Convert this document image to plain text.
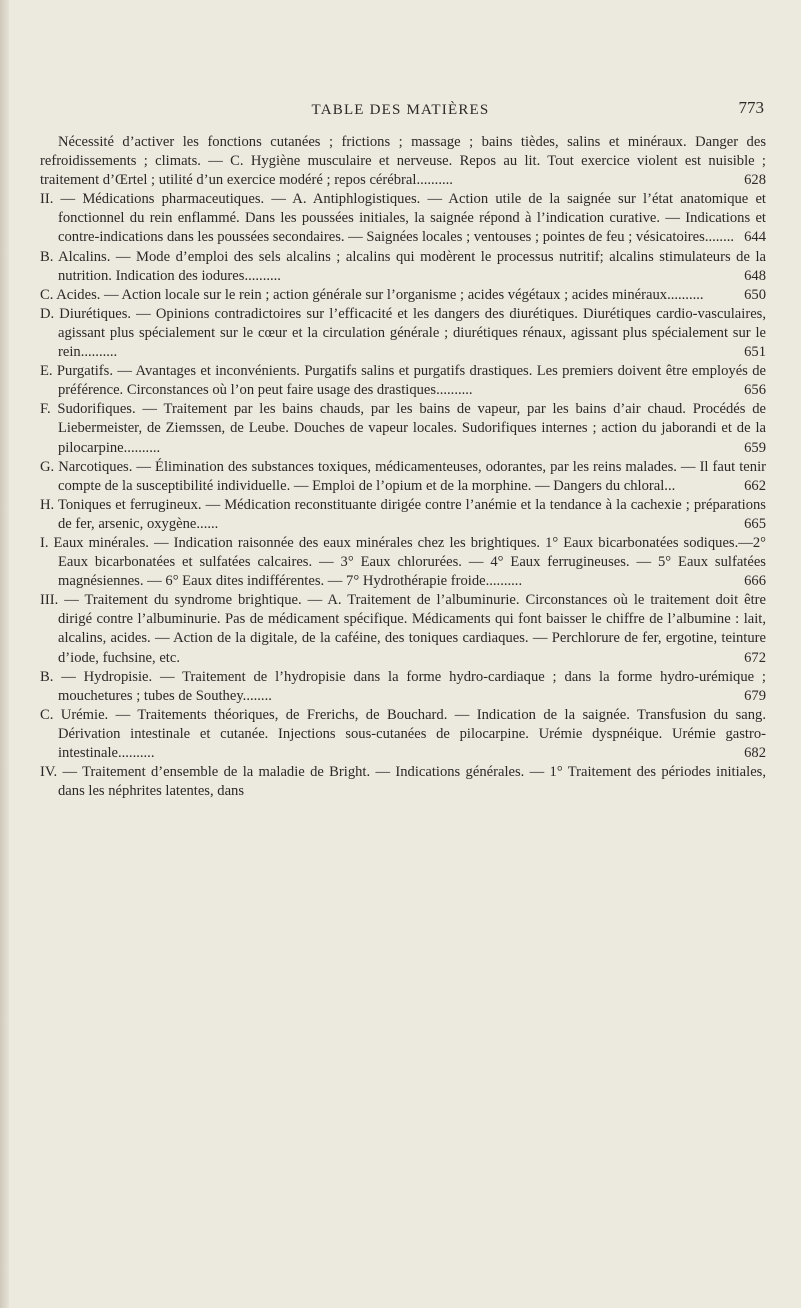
TABLE DES MATIÈRES	773
Nécessité d’activer les fonctions cutanées ; frictions ; massage ; bains tièdes, salins et minéraux. Danger des refroidissements ; climats. — C. Hygiène musculaire et nerveuse. Repos au lit. Tout exercice violent est nuisible ; traitement d’Œrtel ; utilité d’un exercice modéré ; repos cérébral..........	628
II. — Médications pharmaceutiques. — A. Antiphlogistiques. — Action utile de la saignée sur l’état anatomique et fonctionnel du rein enflammé. Dans les poussées initiales, la saignée répond à l’indication curative. — Indications et contre-indications dans les poussées secondaires. — Saignées locales ; ventouses ; pointes de feu ; vésicatoires........ 644
B. Alcalins. — Mode d’emploi des sels alcalins ; alcalins qui modèrent le processus nutritif; alcalins stimulateurs de la nutrition. Indication des iodures..........	648
C. Acides. — Action locale sur le rein ; action générale sur l’organisme ; acides végétaux ; acides minéraux..........	650
D. Diurétiques. — Opinions contradictoires sur l’efficacité et les dangers des diurétiques. Diurétiques cardio-vasculaires, agissant plus spécialement sur le cœur et la circulation générale ; diurétiques rénaux, agissant plus spécialement sur le rein..........	651
E. Purgatifs. — Avantages et inconvénients. Purgatifs salins et purgatifs drastiques. Les premiers doivent être employés de préférence. Circonstances où l’on peut faire usage des drastiques..........	656
F. Sudorifiques. — Traitement par les bains chauds, par les bains de vapeur, par les bains d’air chaud. Procédés de Liebermeister, de Ziemssen, de Leube. Douches de vapeur locales. Sudorifiques internes ; action du jaborandi et de la pilocarpine..........	659
G. Narcotiques. — Élimination des substances toxiques, médicamenteuses, odorantes, par les reins malades. — Il faut tenir compte de la susceptibilité individuelle. — Emploi de l’opium et de la morphine. — Dangers du chloral...	662
H. Toniques et ferrugineux. — Médication reconstituante dirigée contre l’anémie et la tendance à la cachexie ; préparations de fer, arsenic, oxygène......	665
I. Eaux minérales. — Indication raisonnée des eaux minérales chez les brightiques. 1° Eaux bicarbonatées sodiques.—2° Eaux bicarbonatées et sulfatées calcaires. — 3° Eaux chlorurées. — 4° Eaux ferrugineuses. — 5° Eaux sulfatées magnésiennes. — 6° Eaux dites indifférentes. — 7° Hydrothérapie froide..........	666
III. — Traitement du syndrome brightique. — A. Traitement de l’albuminurie. Circonstances où le traitement doit être dirigé contre l’albuminurie. Pas de médicament spécifique. Médicaments qui font baisser le chiffre de l’albumine : lait, alcalins, acides. — Action de la digitale, de la caféine, des toniques cardiaques. — Perchlorure de fer, ergotine, teinture d’iode, fuchsine, etc.	672
B. — Hydropisie. — Traitement de l’hydropisie dans la forme hydro-cardiaque ; dans la forme hydro-urémique ; mouchetures ; tubes de Southey........	679
C. Urémie. — Traitements théoriques, de Frerichs, de Bouchard. — Indication de la saignée. Transfusion du sang. Dérivation intestinale et cutanée. Injections sous-cutanées de pilocarpine. Urémie dyspnéique. Urémie gastro-intestinale..........	682
IV. — Traitement d’ensemble de la maladie de Bright. — Indications générales. — 1° Traitement des périodes initiales, dans les néphrites latentes, dans
